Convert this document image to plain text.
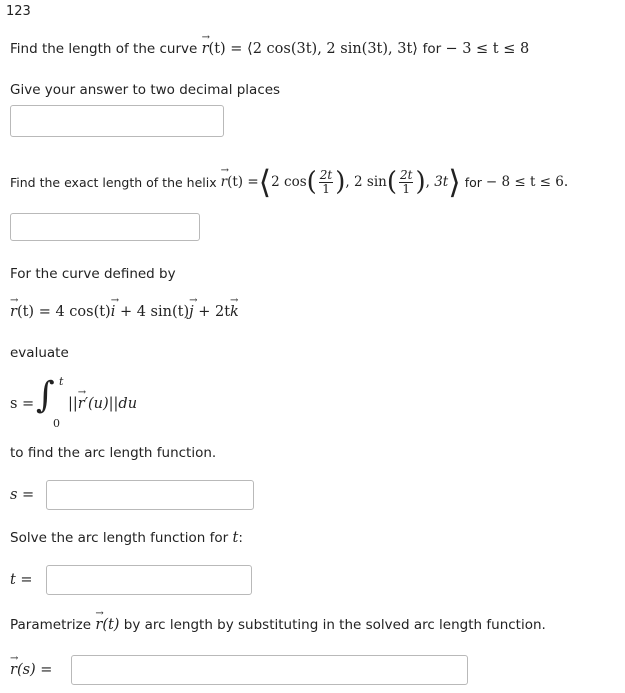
123
Find the length of the curve → r(t) = ⟨2 cos(3t), 2 sin(3t), 3t⟩ for − 3 ≤ t ≤ 8
Give your answer to two decimal places
Find the exact length of the helix
→ r (t) = ⟨ 2 cos ( $\frac{2t}{1}$ ) , 2 sin ( $\frac{2t}{1}$ ) , 3t ⟩
for
− 8 ≤ t ≤ 6.
For the curve defined by
→ r(t) = 4 cos(t)→ i + 4 sin(t)→ j + 2t→ k
evaluate
s = ∫ t
0
||→ r′(u)||du
to find the arc length function.
s =
Solve the arc length function for t:
t =
Parametrize → r(t) by arc length by substituting in the solved arc length function.
→ r(s) =
